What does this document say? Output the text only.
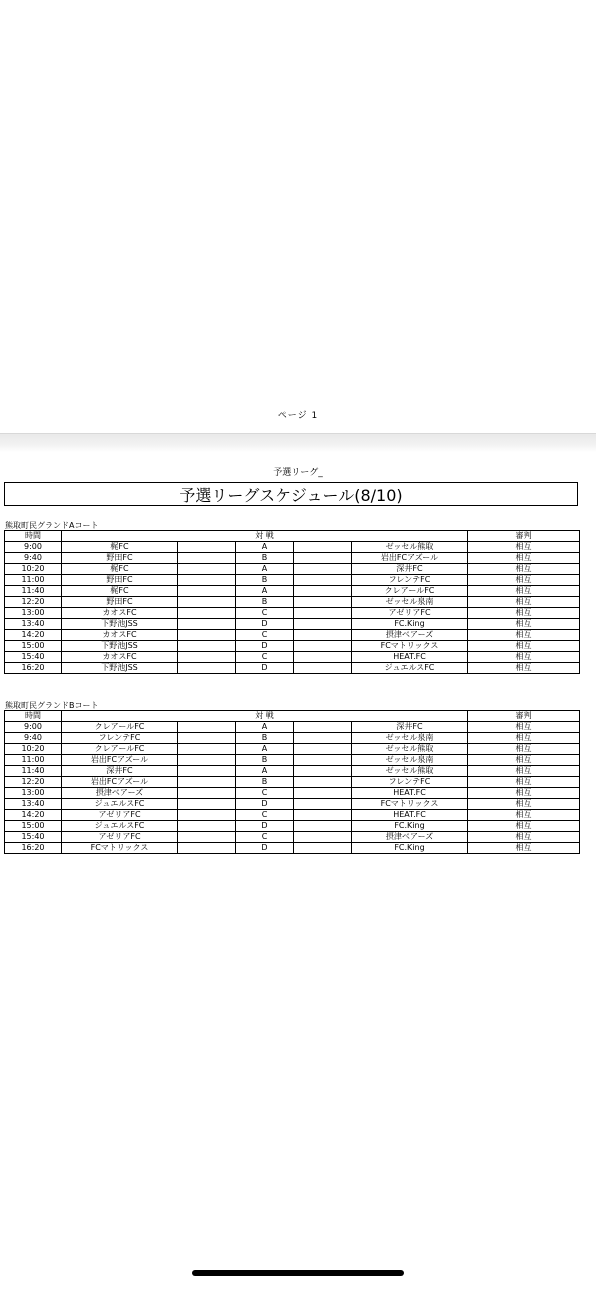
ページ 1
予選リーグ_
予選リーグスケジュール(8/10)
熊取町民グランドAコート
時間	対 戦					審判
9:00	梶FC		A		ゼッセル熊取	相互
9:40	野田FC		B		岩出FCアズール	相互
10:20	梶FC		A		深井FC	相互
11:00	野田FC		B		フレンテFC	相互
11:40	梶FC		A		クレアールFC	相互
12:20	野田FC		B		ゼッセル泉南	相互
13:00	カオスFC		C		アゼリアFC	相互
13:40	下野池JSS		D		FC.King	相互
14:20	カオスFC		C		摂津ベアーズ	相互
15:00	下野池JSS		D		FCマトリックス	相互
15:40	カオスFC		C		HEAT.FC	相互
16:20	下野池JSS		D		ジュエルスFC	相互
熊取町民グランドBコート
時間	対 戦					審判
9:00	クレアールFC		A		深井FC	相互
9:40	フレンテFC		B		ゼッセル泉南	相互
10:20	クレアールFC		A		ゼッセル熊取	相互
11:00	岩出FCアズール		B		ゼッセル泉南	相互
11:40	深井FC		A		ゼッセル熊取	相互
12:20	岩出FCアズール		B		フレンテFC	相互
13:00	摂津ベアーズ		C		HEAT.FC	相互
13:40	ジュエルスFC		D		FCマトリックス	相互
14:20	アゼリアFC		C		HEAT.FC	相互
15:00	ジュエルスFC		D		FC.King	相互
15:40	アゼリアFC		C		摂津ベアーズ	相互
16:20	FCマトリックス		D		FC.King	相互
